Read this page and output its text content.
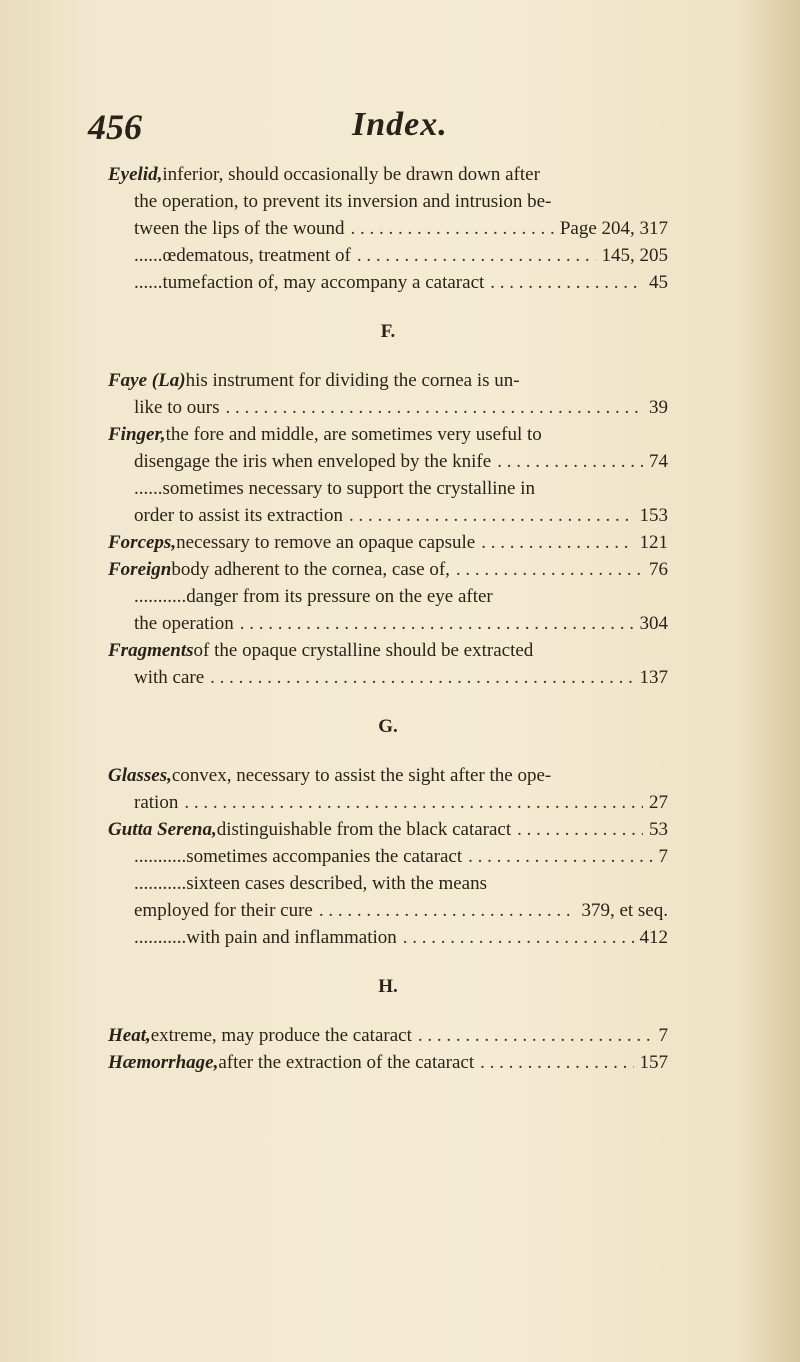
456	Index.
Eyelid, inferior, should occasionally be drawn down after
the operation, to prevent its inversion and intrusion be-
tween the lips of the wound . . .	Page 204, 317
...... œdematous, treatment of . . .	145, 205
...... tumefaction of, may accompany a cataract . . .	45
F.
Faye (La) his instrument for dividing the cornea is un-
like to ours . . .	39
Finger, the fore and middle, are sometimes very useful to
disengage the iris when enveloped by the knife . . .	74
...... sometimes necessary to support the crystalline in
order to assist its extraction . . .	153
Forceps, necessary to remove an opaque capsule . . .	121
Foreign body adherent to the cornea, case of, . . .	76
........... danger from its pressure on the eye after
the operation . . .	304
Fragments of the opaque crystalline should be extracted
with care . . .	137
G.
Glasses, convex, necessary to assist the sight after the ope-
ration . . .	27
Gutta Serena, distinguishable from the black cataract . . .	53
........... sometimes accompanies the cataract . . .	7
........... sixteen cases described, with the means
employed for their cure . . .	379, et seq.
........... with pain and inflammation . . .	412
H.
Heat, extreme, may produce the cataract . . .	7
Hæmorrhage, after the extraction of the cataract . . .	157
